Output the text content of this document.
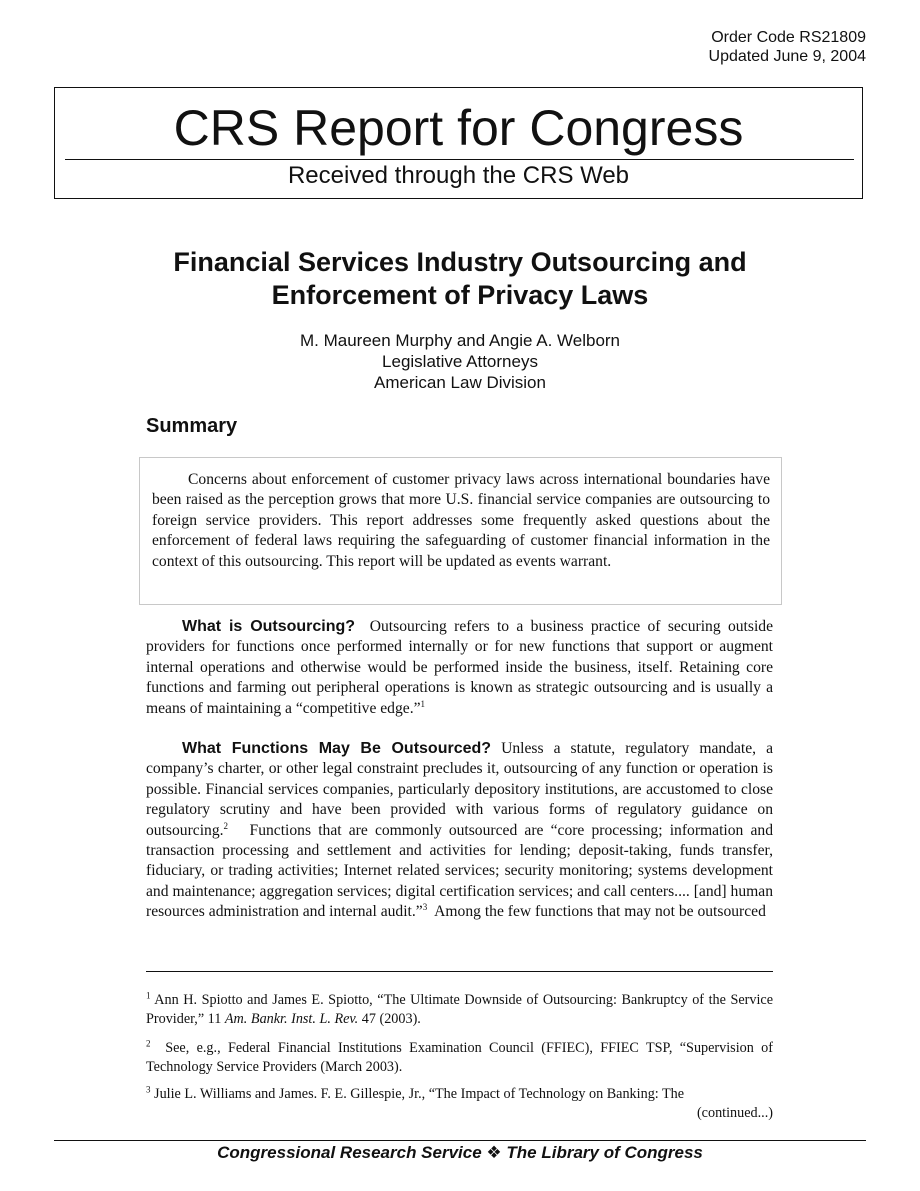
Order Code RS21809
Updated June 9, 2004
CRS Report for Congress
Received through the CRS Web
Financial Services Industry Outsourcing and
Enforcement of Privacy Laws
M. Maureen Murphy and Angie A. Welborn
Legislative Attorneys
American Law Division
Summary

Concerns about enforcement of customer privacy laws across international boundaries have been raised as the perception grows that more U.S. financial service companies are outsourcing to foreign service providers. This report addresses some frequently asked questions about the enforcement of federal laws requiring the safeguarding of customer financial information in the context of this outsourcing. This report will be updated as events warrant.

What is Outsourcing? Outsourcing refers to a business practice of securing outside providers for functions once performed internally or for new functions that support or augment internal operations and otherwise would be performed inside the business, itself. Retaining core functions and farming out peripheral operations is known as strategic outsourcing and is usually a means of maintaining a “competitive edge.”$^1$

What Functions May Be Outsourced? Unless a statute, regulatory mandate, a company’s charter, or other legal constraint precludes it, outsourcing of any function or operation is possible. Financial services companies, particularly depository institutions, are accustomed to close regulatory scrutiny and have been provided with various forms of regulatory guidance on outsourcing.$^2$ Functions that are commonly outsourced are “core processing; information and transaction processing and settlement and activities for lending; deposit-taking, funds transfer, fiduciary, or trading activities; Internet related services; security monitoring; systems development and maintenance; aggregation services; digital certification services; and call centers.... [and] human resources administration and internal audit.”$^3$ Among the few functions that may not be outsourced

$^1$ Ann H. Spiotto and James E. Spiotto, “The Ultimate Downside of Outsourcing: Bankruptcy of the Service Provider,” 11 Am. Bankr. Inst. L. Rev. 47 (2003).

$^2$ See, e.g., Federal Financial Institutions Examination Council (FFIEC), FFIEC TSP, “Supervision of Technology Service Providers (March 2003).

$^3$ Julie L. Williams and James. F. E. Gillespie, Jr., “The Impact of Technology on Banking: The

(continued...)

Congressional Research Service ❖ The Library of Congress
